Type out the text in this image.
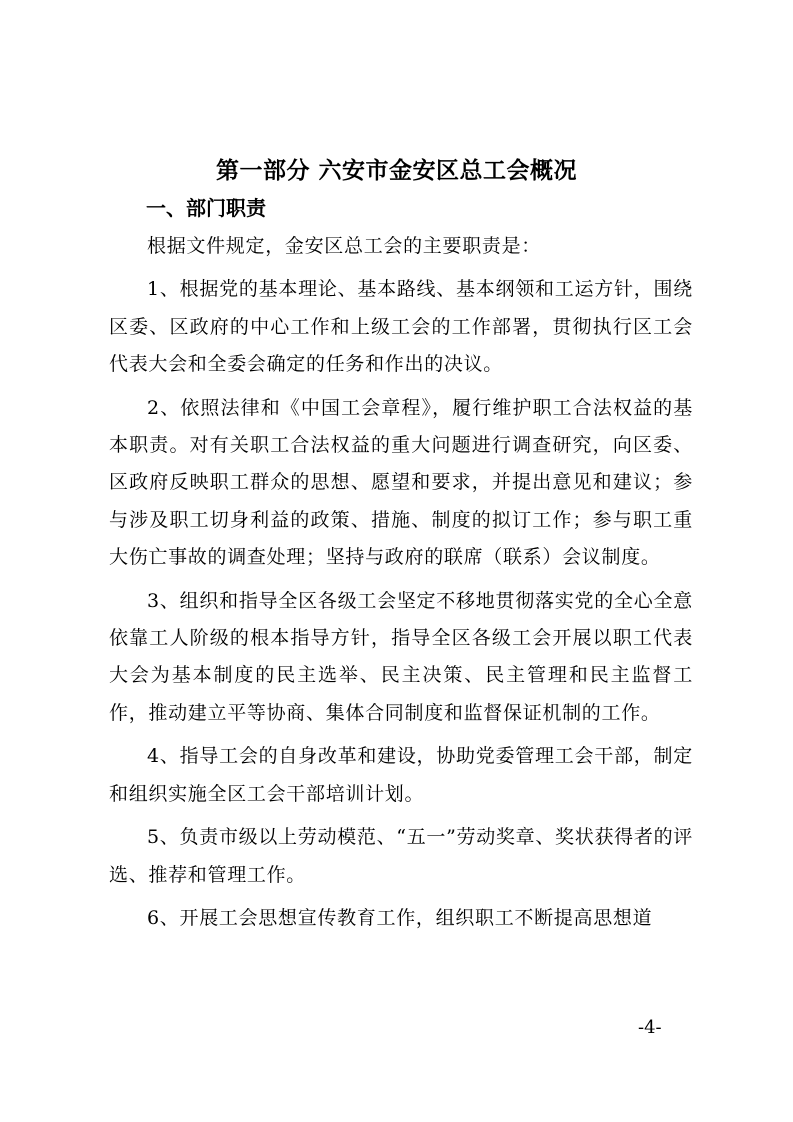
第一部分 六安市金安区总工会概况
一、部门职责

根据文件规定，金安区总工会的主要职责是：

1、根据党的基本理论、基本路线、基本纲领和工运方针，围绕区委、区政府的中心工作和上级工会的工作部署，贯彻执行区工会代表大会和全委会确定的任务和作出的决议。

2、依照法律和《中国工会章程》，履行维护职工合法权益的基本职责。对有关职工合法权益的重大问题进行调查研究，向区委、区政府反映职工群众的思想、愿望和要求，并提出意见和建议；参与涉及职工切身利益的政策、措施、制度的拟订工作；参与职工重大伤亡事故的调查处理；坚持与政府的联席（联系）会议制度。

3、组织和指导全区各级工会坚定不移地贯彻落实党的全心全意依靠工人阶级的根本指导方针，指导全区各级工会开展以职工代表大会为基本制度的民主选举、民主决策、民主管理和民主监督工作，推动建立平等协商、集体合同制度和监督保证机制的工作。

4、指导工会的自身改革和建设，协助党委管理工会干部，制定和组织实施全区工会干部培训计划。

5、负责市级以上劳动模范、“五一”劳动奖章、奖状获得者的评选、推荐和管理工作。

6、开展工会思想宣传教育工作，组织职工不断提高思想道

-4-
